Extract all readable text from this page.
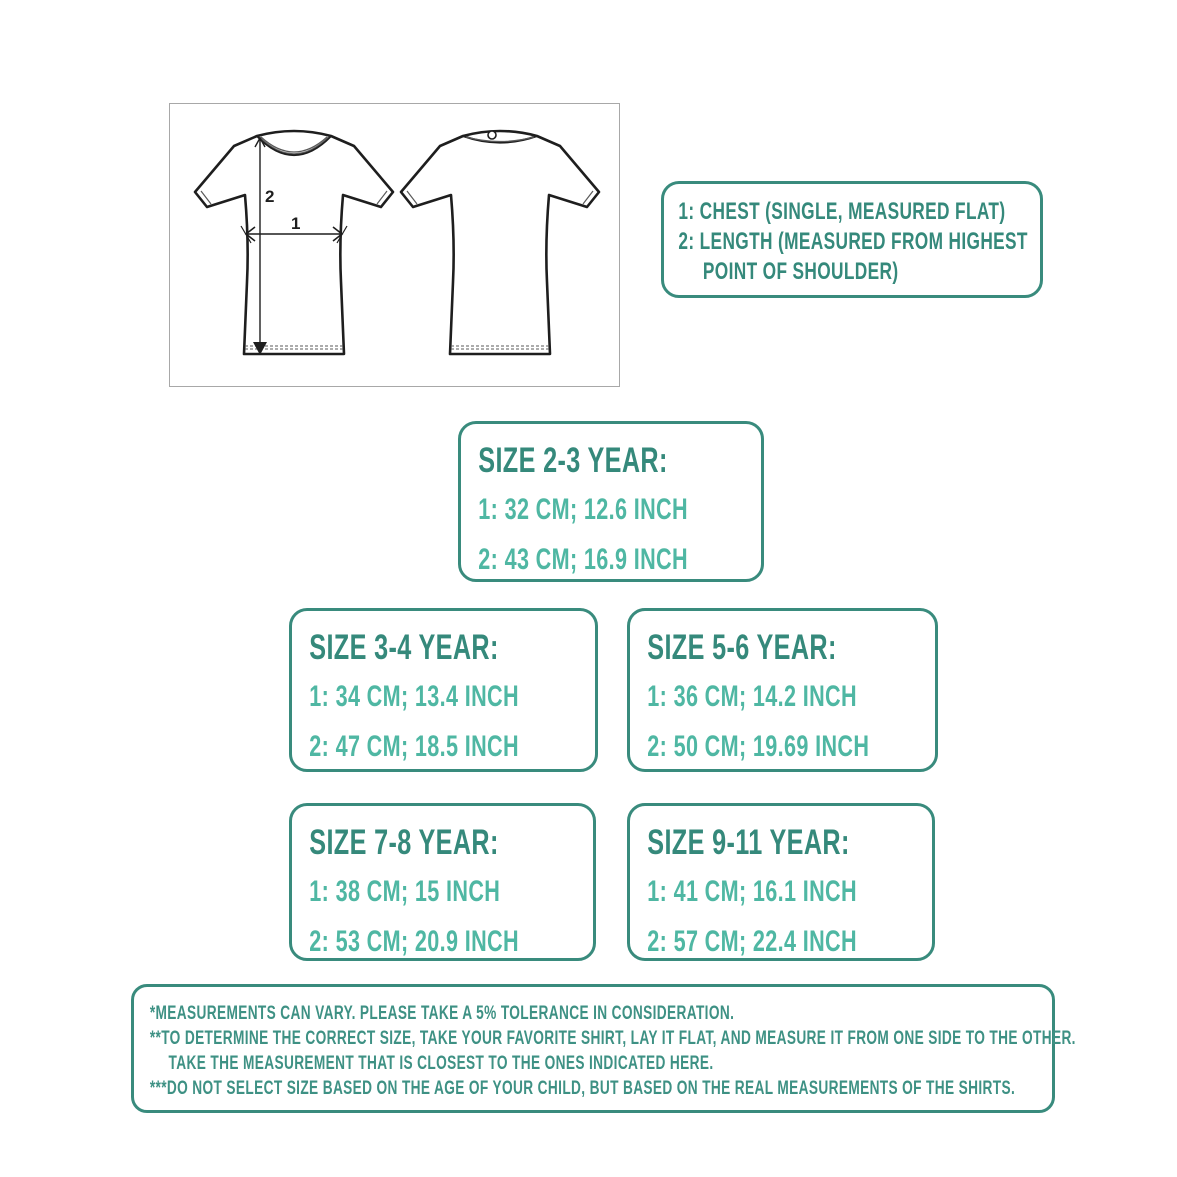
2
1	1: CHEST (SINGLE, MEASURED FLAT)
2: LENGTH (MEASURED FROM HIGHEST
POINT OF SHOULDER)
SIZE 2-3 YEAR:
1: 32 CM; 12.6 INCH
2: 43 CM; 16.9 INCH
SIZE 3-4 YEAR:
1: 34 CM; 13.4 INCH
2: 47 CM; 18.5 INCH
SIZE 5-6 YEAR:
1: 36 CM; 14.2 INCH
2: 50 CM; 19.69 INCH
SIZE 7-8 YEAR:
1: 38 CM; 15 INCH
2: 53 CM; 20.9 INCH
SIZE 9-11 YEAR:
1: 41 CM; 16.1 INCH
2: 57 CM; 22.4 INCH
*MEASUREMENTS CAN VARY. PLEASE TAKE A 5% TOLERANCE IN CONSIDERATION.
**TO DETERMINE THE CORRECT SIZE, TAKE YOUR FAVORITE SHIRT, LAY IT FLAT, AND MEASURE IT FROM ONE SIDE TO THE OTHER.
TAKE THE MEASUREMENT THAT IS CLOSEST TO THE ONES INDICATED HERE.
***DO NOT SELECT SIZE BASED ON THE AGE OF YOUR CHILD, BUT BASED ON THE REAL MEASUREMENTS OF THE SHIRTS.
